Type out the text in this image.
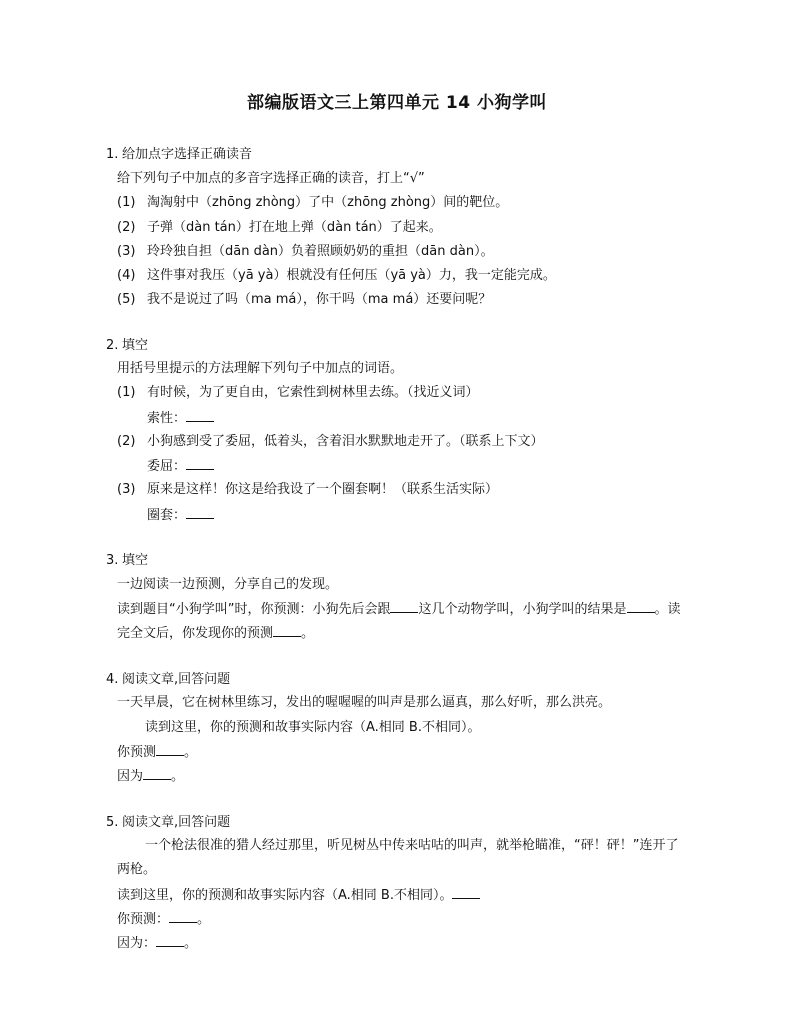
部编版语文三上第四单元 14 小狗学叫
1. 给加点字选择正确读音
给下列句子中加点的多音字选择正确的读音，打上“√”
(1) 淘淘射中（zhōng zhòng）了中（zhōng zhòng）间的靶位。
(2) 子弹（dàn tán）打在地上弹（dàn tán）了起来。
(3) 玲玲独自担（dān dàn）负着照顾奶奶的重担（dān dàn）。
(4) 这件事对我压（yā yà）根就没有任何压（yā yà）力，我一定能完成。
(5) 我不是说过了吗（ma má），你干吗（ma má）还要问呢？
2. 填空
用括号里提示的方法理解下列句子中加点的词语。
(1) 有时候，为了更自由，它索性到树林里去练。（找近义词）
索性：
(2) 小狗感到受了委屈，低着头，含着泪水默默地走开了。（联系上下文）
委屈：
(3) 原来是这样！你这是给我设了一个圈套啊！（联系生活实际）
圈套：
3. 填空
一边阅读一边预测，分享自己的发现。
读到题目“小狗学叫”时，你预测：小狗先后会跟 这几个动物学叫，小狗学叫的结果是 。读
完全文后，你发现你的预测 。
4. 阅读文章,回答问题
一天早晨，它在树林里练习，发出的喔喔喔的叫声是那么逼真，那么好听，那么洪亮。
读到这里，你的预测和故事实际内容（A.相同 B.不相同）。
你预测 。
因为 。
5. 阅读文章,回答问题
一个枪法很准的猎人经过那里，听见树丛中传来咕咕的叫声，就举枪瞄准，“砰！砰！”连开了
两枪。
读到这里，你的预测和故事实际内容（A.相同 B.不相同）。
你预测： 。
因为： 。
